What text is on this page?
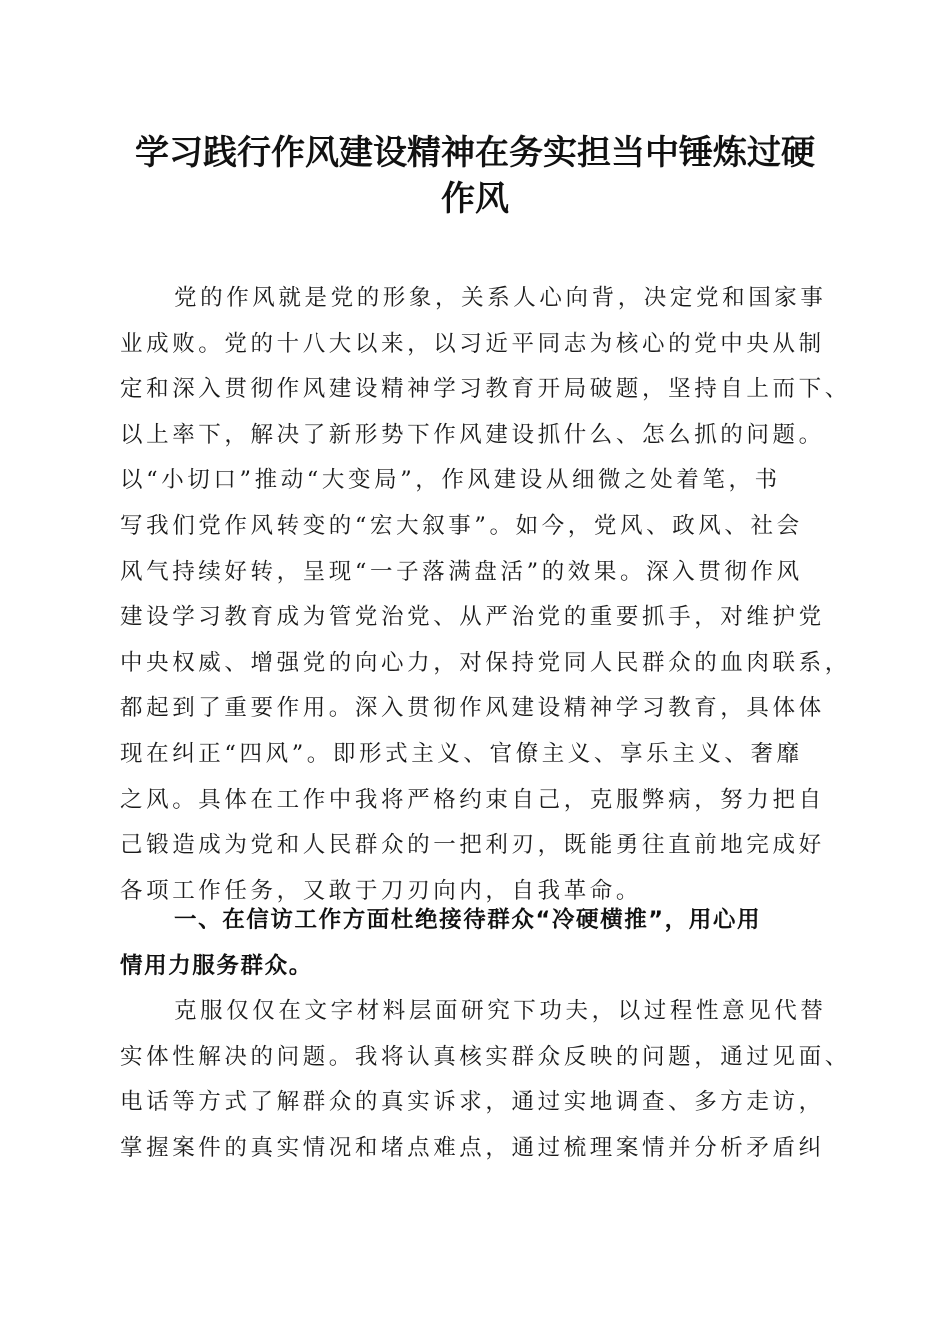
学习践行作风建设精神在务实担当中锤炼过硬
作风
党的作风就是党的形象，关系人心向背，决定党和国家事
业成败。党的十八大以来，以习近平同志为核心的党中央从制
定和深入贯彻作风建设精神学习教育开局破题，坚持自上而下、
以上率下，解决了新形势下作风建设抓什么、怎么抓的问题。
以“小切口”推动“大变局”，作风建设从细微之处着笔，书
写我们党作风转变的“宏大叙事”。如今，党风、政风、社会
风气持续好转，呈现“一子落满盘活”的效果。深入贯彻作风
建设学习教育成为管党治党、从严治党的重要抓手，对维护党
中央权威、增强党的向心力，对保持党同人民群众的血肉联系，
都起到了重要作用。深入贯彻作风建设精神学习教育，具体体
现在纠正“四风”。即形式主义、官僚主义、享乐主义、奢靡
之风。具体在工作中我将严格约束自己，克服弊病，努力把自
己锻造成为党和人民群众的一把利刃，既能勇往直前地完成好
各项工作任务，又敢于刀刃向内，自我革命。
一、在信访工作方面杜绝接待群众“冷硬横推”，用心用
情用力服务群众。
克服仅仅在文字材料层面研究下功夫，以过程性意见代替
实体性解决的问题。我将认真核实群众反映的问题，通过见面、
电话等方式了解群众的真实诉求，通过实地调查、多方走访，
掌握案件的真实情况和堵点难点，通过梳理案情并分析矛盾纠
